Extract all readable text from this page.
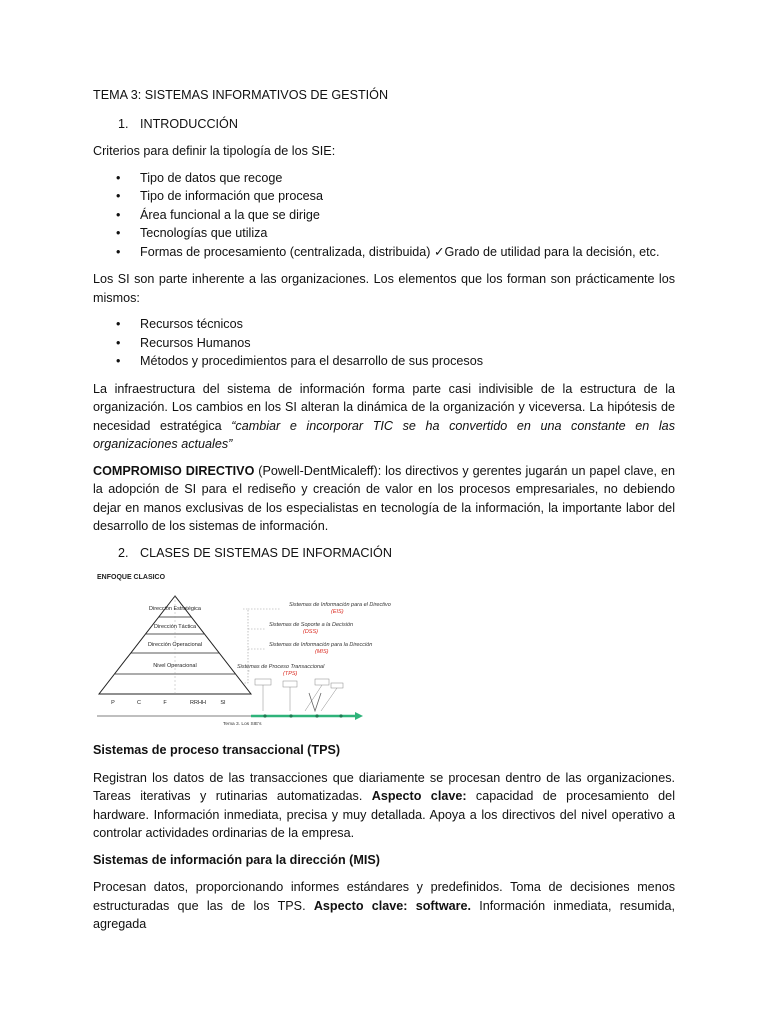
TEMA 3: SISTEMAS INFORMATIVOS DE GESTIÓN
1. INTRODUCCIÓN

Criterios para definir la tipología de los SIE:

• Tipo de datos que recoge
• Tipo de información que procesa
• Área funcional a la que se dirige
• Tecnologías que utiliza
• Formas de procesamiento (centralizada, distribuida) ✓Grado de utilidad para la decisión, etc.

Los SI son parte inherente a las organizaciones. Los elementos que los forman son prácticamente los mismos:

• Recursos técnicos
• Recursos Humanos
• Métodos y procedimientos para el desarrollo de sus procesos

La infraestructura del sistema de información forma parte casi indivisible de la estructura de la organización. Los cambios en los SI alteran la dinámica de la organización y viceversa. La hipótesis de necesidad estratégica “cambiar e incorporar TIC se ha convertido en una constante en las organizaciones actuales”

COMPROMISO DIRECTIVO (Powell-DentMicaleff): los directivos y gerentes jugarán un papel clave, en la adopción de SI para el rediseño y creación de valor en los procesos empresariales, no debiendo dejar en manos exclusivas de los especialistas en tecnología de la información, la importante labor del desarrollo de los sistemas de información.

2. CLASES DE SISTEMAS DE INFORMACIÓN
ENFOQUE CLASICO
Dirección Estratégica
Dirección Táctica
Dirección Operacional
Nivel Operacional
P	C	F	RRHH	SI
Sistemas de Información para el Directivo
(EIS)
Sistemas de Soporte a la Decisión
(DSS)
Sistemas de Información para la Dirección
(MIS)
Sistemas de Proceso Transaccional
(TPS)
Tema 3. Los SIE's
Sistemas de proceso transaccional (TPS)

Registran los datos de las transacciones que diariamente se procesan dentro de las organizaciones. Tareas iterativas y rutinarias automatizadas. Aspecto clave: capacidad de procesamiento del hardware. Información inmediata, precisa y muy detallada. Apoya a los directivos del nivel operativo a controlar actividades ordinarias de la empresa.

Sistemas de información para la dirección (MIS)

Procesan datos, proporcionando informes estándares y predefinidos. Toma de decisiones menos estructuradas que las de los TPS. Aspecto clave: software. Información inmediata, resumida, agregada
